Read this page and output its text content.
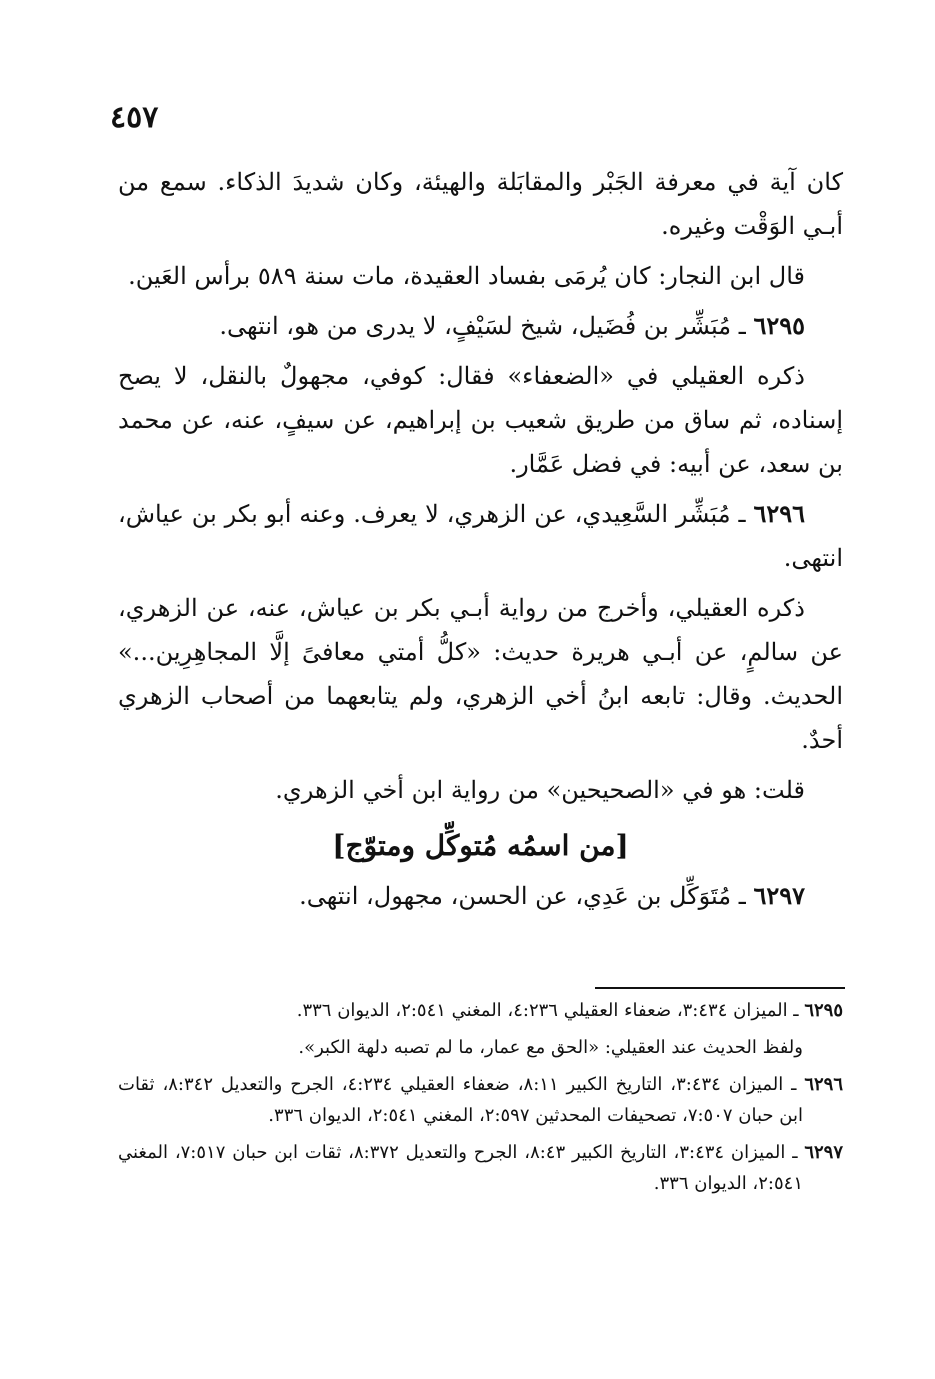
٤٥٧

كان آية في معرفة الجَبْر والمقابَلة والهيئة، وكان شديدَ الذكاء. سمع من أبـي الوَقْت وغيره.

قال ابن النجار: كان يُرمَى بفساد العقيدة، مات سنة ٥٨٩ برأس العَين.

٦٢٩٥ ـ مُبَشِّر بن فُضَيل، شيخ لسَيْفٍ، لا يدرى من هو، انتهى.

ذكره العقيلي في «الضعفاء» فقال: كوفي، مجهولٌ بالنقل، لا يصح إسناده، ثم ساق من طريق شعيب بن إبراهيم، عن سيفٍ، عنه، عن محمد بن سعد، عن أبيه: في فضل عَمَّار.

٦٢٩٦ ـ مُبَشِّر السَّعِيدي، عن الزهري، لا يعرف. وعنه أبو بكر بن عياش، انتهى.

ذكره العقيلي، وأخرج من رواية أبـي بكر بن عياش، عنه، عن الزهري، عن سالمٍ، عن أبـي هريرة حديث: «كلُّ أمتي معافىً إلَّا المجاهِرِين...» الحديث. وقال: تابعه ابنُ أخي الزهري، ولم يتابعهما من أصحاب الزهري أحدٌ.

قلت: هو في «الصحيحين» من رواية ابن أخي الزهري.

[من اسمُه مُتوكِّل ومتوّج]

٦٢٩٧ ـ مُتَوَكِّل بن عَدِي، عن الحسن، مجهول، انتهى.

٦٢٩٥ ـ الميزان ٣:٤٣٤، ضعفاء العقيلي ٤:٢٣٦، المغني ٢:٥٤١، الديوان ٣٣٦.

ولفظ الحديث عند العقيلي: «الحق مع عمار، ما لم تصبه دلهة الكبر».

٦٢٩٦ ـ الميزان ٣:٤٣٤، التاريخ الكبير ٨:١١، ضعفاء العقيلي ٤:٢٣٤، الجرح والتعديل ٨:٣٤٢، ثقات ابن حبان ٧:٥٠٧، تصحيفات المحدثين ٢:٥٩٧، المغني ٢:٥٤١، الديوان ٣٣٦.

٦٢٩٧ ـ الميزان ٣:٤٣٤، التاريخ الكبير ٨:٤٣، الجرح والتعديل ٨:٣٧٢، ثقات ابن حبان ٧:٥١٧، المغني ٢:٥٤١، الديوان ٣٣٦.
